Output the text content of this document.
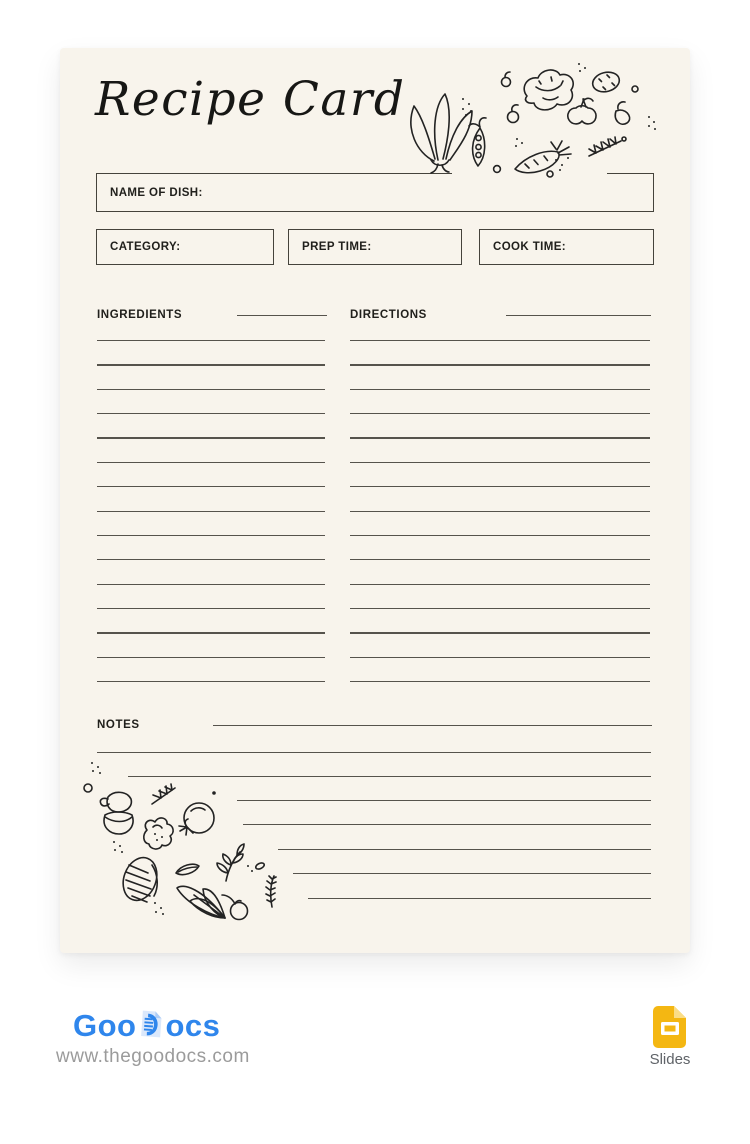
Recipe Card
NAME OF DISH:
CATEGORY:	PREP TIME:	COOK TIME:
INGREDIENTS	DIRECTIONS
NOTES
Goo ocs
www.thegoodocs.com	Slides
